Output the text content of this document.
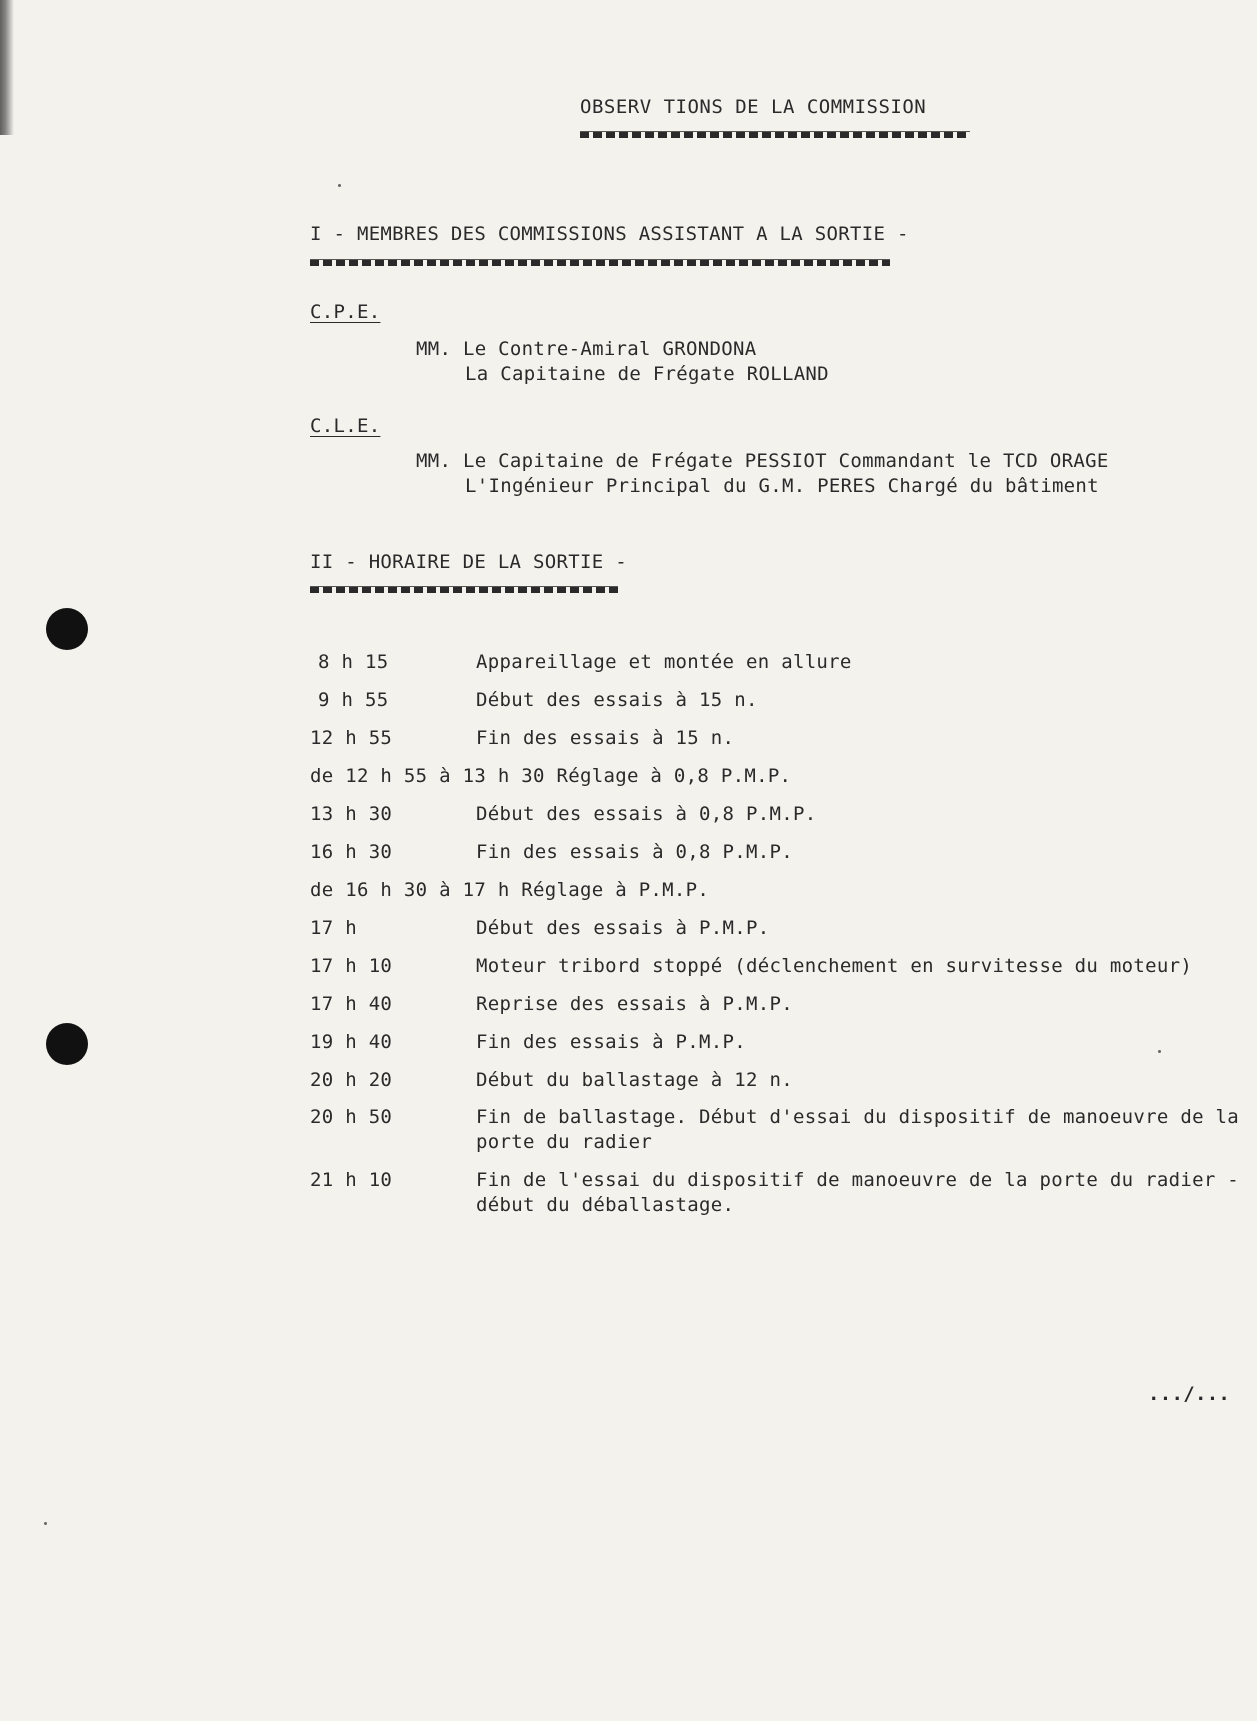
OBSERV TIONS DE LA COMMISSION
I - MEMBRES DES COMMISSIONS ASSISTANT A LA SORTIE -
C.P.E.
MM. Le Contre-Amiral GRONDONA
La Capitaine de Frégate ROLLAND
C.L.E.
MM. Le Capitaine de Frégate PESSIOT Commandant le TCD ORAGE
L'Ingénieur Principal du G.M. PERES Chargé du bâtiment
II - HORAIRE DE LA SORTIE -
8 h 15	Appareillage et montée en allure
9 h 55	Début des essais à 15 n.
12 h 55	Fin des essais à 15 n.
de 12 h 55 à 13 h 30 Réglage à 0,8 P.M.P.
13 h 30	Début des essais à 0,8 P.M.P.
16 h 30	Fin des essais à 0,8 P.M.P.
de 16 h 30 à 17 h Réglage à P.M.P.
17 h	Début des essais à P.M.P.
17 h 10	Moteur tribord stoppé (déclenchement en survitesse du moteur)
17 h 40	Reprise des essais à P.M.P.
19 h 40	Fin des essais à P.M.P.
20 h 20	Début du ballastage à 12 n.
20 h 50	Fin de ballastage. Début d'essai du dispositif de manoeuvre de la
porte du radier
21 h 10	Fin de l'essai du dispositif de manoeuvre de la porte du radier -
début du déballastage.
.../...
